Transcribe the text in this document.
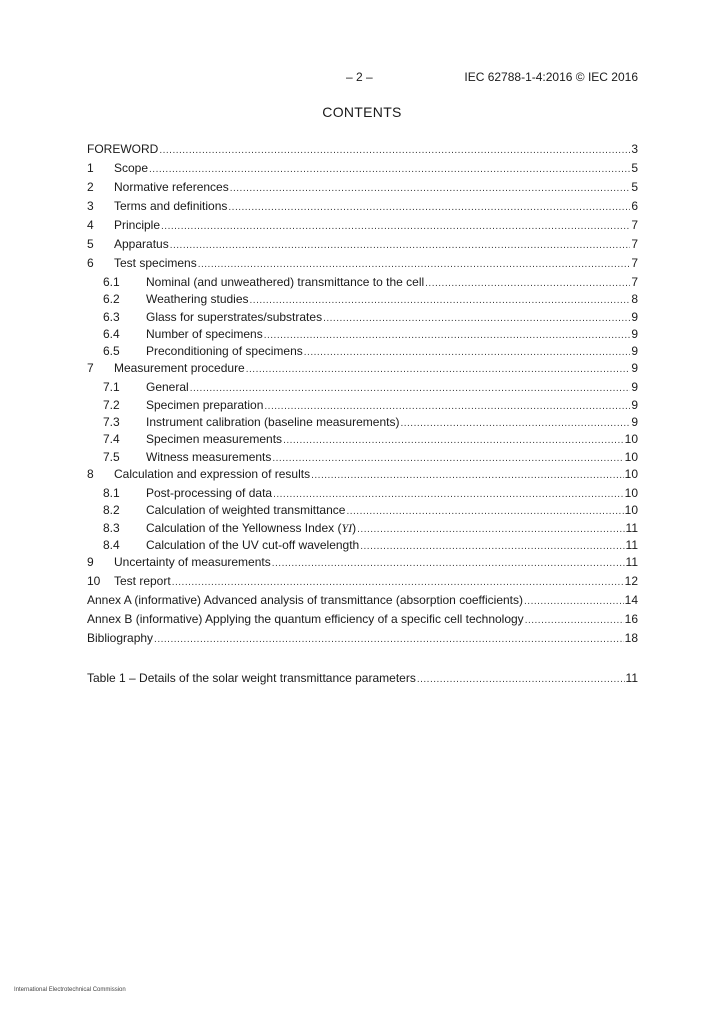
– 2 –	IEC 62788-1-4:2016 © IEC 2016
CONTENTS
FOREWORD .....	3
1	Scope .....	5
2	Normative references .....	5
3	Terms and definitions .....	6
4	Principle .....	7
5	Apparatus .....	7
6	Test specimens .....	7
6.1	Nominal (and unweathered) transmittance to the cell .....	7
6.2	Weathering studies .....	8
6.3	Glass for superstrates/substrates .....	9
6.4	Number of specimens .....	9
6.5	Preconditioning of specimens .....	9
7	Measurement procedure .....	9
7.1	General .....	9
7.2	Specimen preparation .....	9
7.3	Instrument calibration (baseline measurements) .....	9
7.4	Specimen measurements .....	10
7.5	Witness measurements .....	10
8	Calculation and expression of results .....	10
8.1	Post-processing of data .....	10
8.2	Calculation of weighted transmittance .....	10
8.3	Calculation of the Yellowness Index (YI) .....	11
8.4	Calculation of the UV cut-off wavelength .....	11
9	Uncertainty of measurements .....	11
10	Test report .....	12
Annex A (informative) Advanced analysis of transmittance (absorption coefficients) .....	14
Annex B (informative) Applying the quantum efficiency of a specific cell technology .....	16
Bibliography .....	18
Table 1 – Details of the solar weight transmittance parameters .....	11
International Electrotechnical Commission
